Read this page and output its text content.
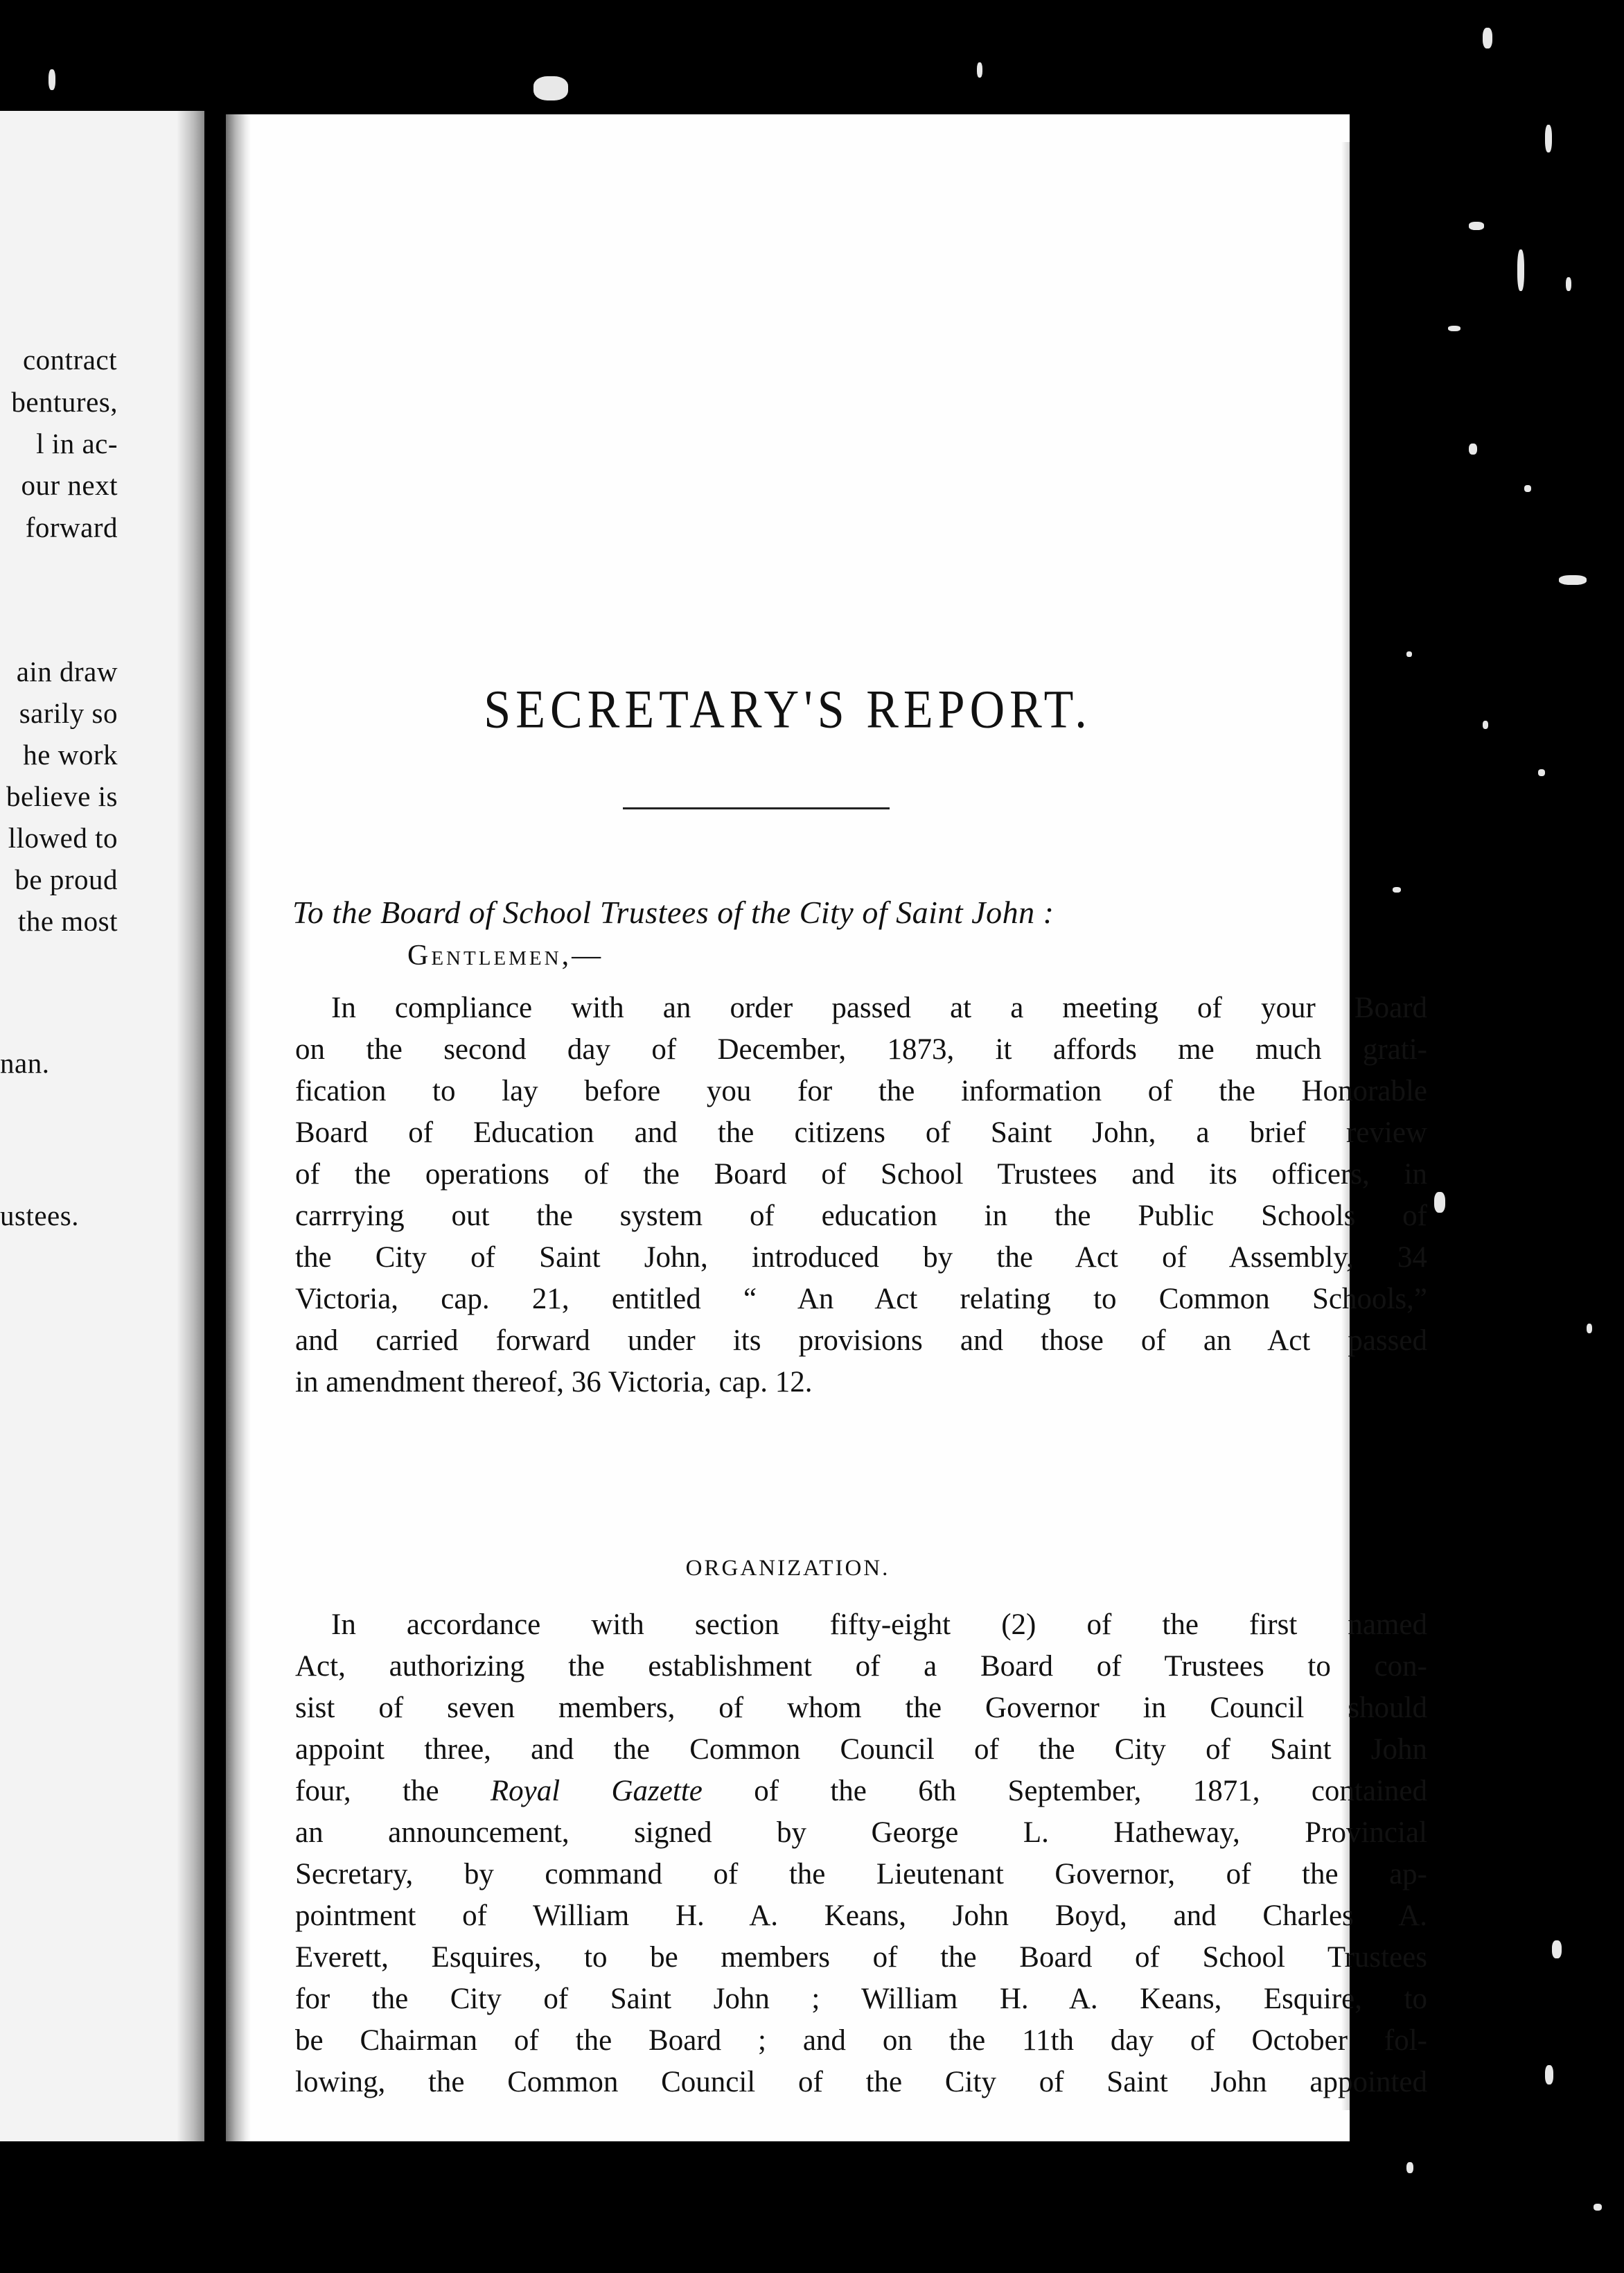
contract
bentures,
l in ac-
our next
forward
ain draw
sarily so
he work
believe is
llowed to
be proud
the most
nan.
ustees.
SECRETARY'S REPORT.
To the Board of School Trustees of the City of Saint John :
Gentlemen,—
In compliance with an order passed at a meeting of your Board
on the second day of December, 1873, it affords me much grati-
fication to lay before you for the information of the Honorable
Board of Education and the citizens of Saint John, a brief review
of the operations of the Board of School Trustees and its officers, in
carrrying out the system of education in the Public Schools of
the City of Saint John, introduced by the Act of Assembly, 34
Victoria, cap. 21, entitled “ An Act relating to Common Schools,”
and carried forward under its provisions and those of an Act passed
in amendment thereof, 36 Victoria, cap. 12.
ORGANIZATION.
In accordance with section fifty-eight (2) of the first named
Act, authorizing the establishment of a Board of Trustees to con-
sist of seven members, of whom the Governor in Council should
appoint three, and the Common Council of the City of Saint John
four, the Royal Gazette of the 6th September, 1871, contained
an announcement, signed by George L. Hatheway, Provincial
Secretary, by command of the Lieutenant Governor, of the ap-
pointment of William H. A. Keans, John Boyd, and Charles A.
Everett, Esquires, to be members of the Board of School Trustees
for the City of Saint John ; William H. A. Keans, Esquire, to
be Chairman of the Board ; and on the 11th day of October fol-
lowing, the Common Council of the City of Saint John appointed
